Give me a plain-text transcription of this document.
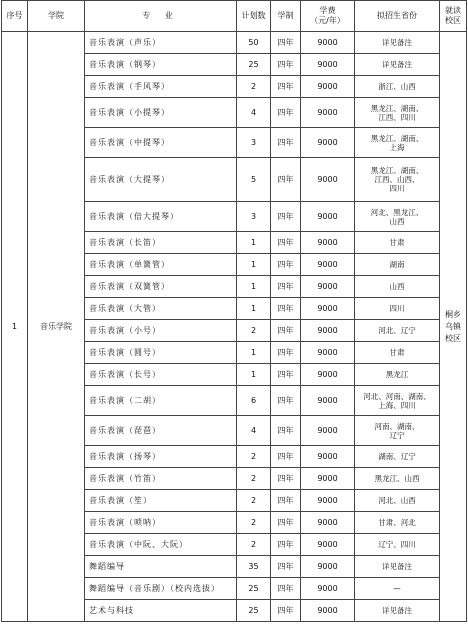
序号	学院	专 业	计划数	学制	学费
（元/年）	拟招生省份	就读
校区

1	音乐学院	音乐表演（声乐）	50	四年	9000	详见备注	桐乡
乌镇
校区

		音乐表演（钢琴）	25	四年	9000	详见备注	

		音乐表演（手风琴）	2	四年	9000	浙江、山西	

		音乐表演（小提琴）	4	四年	9000	黑龙江、湖南、
江西、四川	

		音乐表演（中提琴）	3	四年	9000	黑龙江、湖南、
上海	

		音乐表演（大提琴）	5	四年	9000	黑龙江、湖南、
江西、山西、
四川	

		音乐表演（倍大提琴）	3	四年	9000	河北、黑龙江、
山西	

		音乐表演（长笛）	1	四年	9000	甘肃	

		音乐表演（单簧管）	1	四年	9000	湖南	

		音乐表演（双簧管）	1	四年	9000	山西	

		音乐表演（大管）	1	四年	9000	四川	

		音乐表演（小号）	2	四年	9000	河北、辽宁	

		音乐表演（圆号）	1	四年	9000	甘肃	

		音乐表演（长号）	1	四年	9000	黑龙江	

		音乐表演（二胡）	6	四年	9000	河北、河南、湖南、
上海、四川	

		音乐表演（琵琶）	4	四年	9000	河南、湖南、
辽宁	

		音乐表演（扬琴）	2	四年	9000	湖南、辽宁	

		音乐表演（竹笛）	2	四年	9000	黑龙江、山西	

		音乐表演（笙）	2	四年	9000	河北、山西	

		音乐表演（唢呐）	2	四年	9000	甘肃、河北	

		音乐表演（中阮、大阮）	2	四年	9000	辽宁、四川	

		舞蹈编导	35	四年	9000	详见备注	

		舞蹈编导（音乐剧）（校内选拔）	25	四年	9000	—	

		艺术与科技	25	四年	9000	详见备注	
